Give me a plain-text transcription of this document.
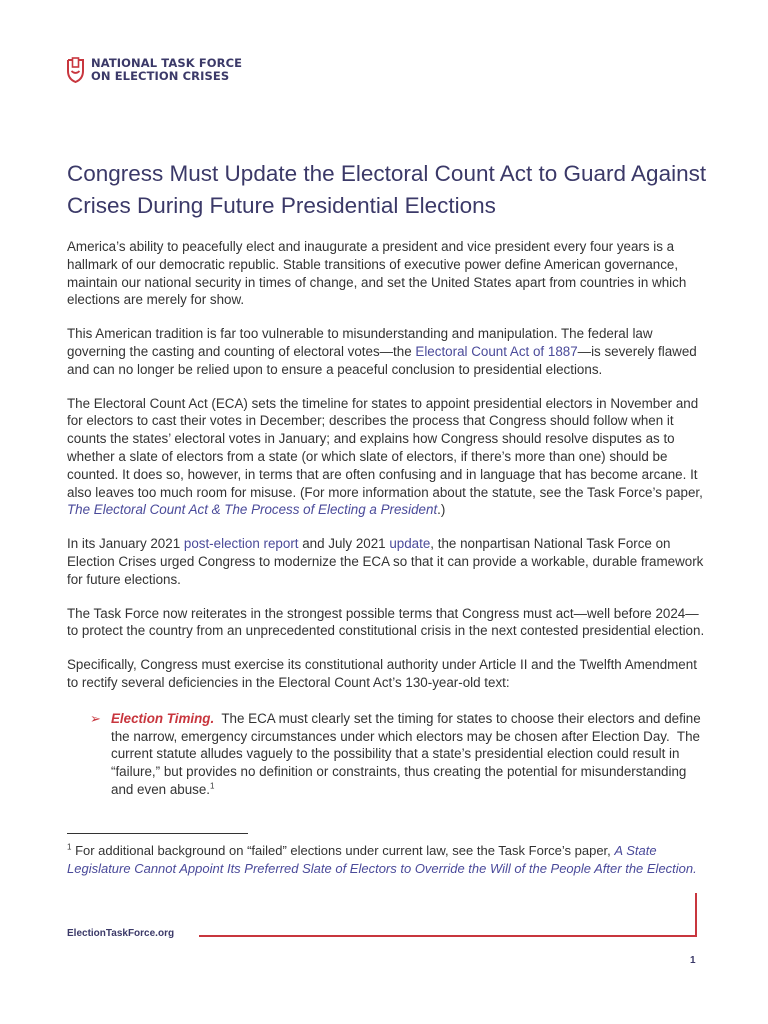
NATIONAL TASK FORCE
ON ELECTION CRISES
Congress Must Update the Electoral Count Act to Guard Against Crises During Future Presidential Elections

America’s ability to peacefully elect and inaugurate a president and vice president every four years is a hallmark of our democratic republic. Stable transitions of executive power define American governance, maintain our national security in times of change, and set the United States apart from countries in which elections are merely for show.

This American tradition is far too vulnerable to misunderstanding and manipulation. The federal law governing the casting and counting of electoral votes—the Electoral Count Act of 1887—is severely flawed and can no longer be relied upon to ensure a peaceful conclusion to presidential elections.

The Electoral Count Act (ECA) sets the timeline for states to appoint presidential electors in November and for electors to cast their votes in December; describes the process that Congress should follow when it counts the states’ electoral votes in January; and explains how Congress should resolve disputes as to whether a slate of electors from a state (or which slate of electors, if there’s more than one) should be counted. It does so, however, in terms that are often confusing and in language that has become arcane. It also leaves too much room for misuse. (For more information about the statute, see the Task Force’s paper, The Electoral Count Act & The Process of Electing a President.)

In its January 2021 post-election report and July 2021 update, the nonpartisan National Task Force on Election Crises urged Congress to modernize the ECA so that it can provide a workable, durable framework for future elections.

The Task Force now reiterates in the strongest possible terms that Congress must act—well before 2024—to protect the country from an unprecedented constitutional crisis in the next contested presidential election.

Specifically, Congress must exercise its constitutional authority under Article II and the Twelfth Amendment to rectify several deficiencies in the Electoral Count Act’s 130-year-old text:

➢ Election Timing.  The ECA must clearly set the timing for states to choose their electors and define the narrow, emergency circumstances under which electors may be chosen after Election Day.  The current statute alludes vaguely to the possibility that a state’s presidential election could result in “failure,” but provides no definition or constraints, thus creating the potential for misunderstanding and even abuse.$^1$

$^1$ For additional background on “failed” elections under current law, see the Task Force’s paper, A State Legislature Cannot Appoint Its Preferred Slate of Electors to Override the Will of the People After the Election.

ElectionTaskForce.org
1
